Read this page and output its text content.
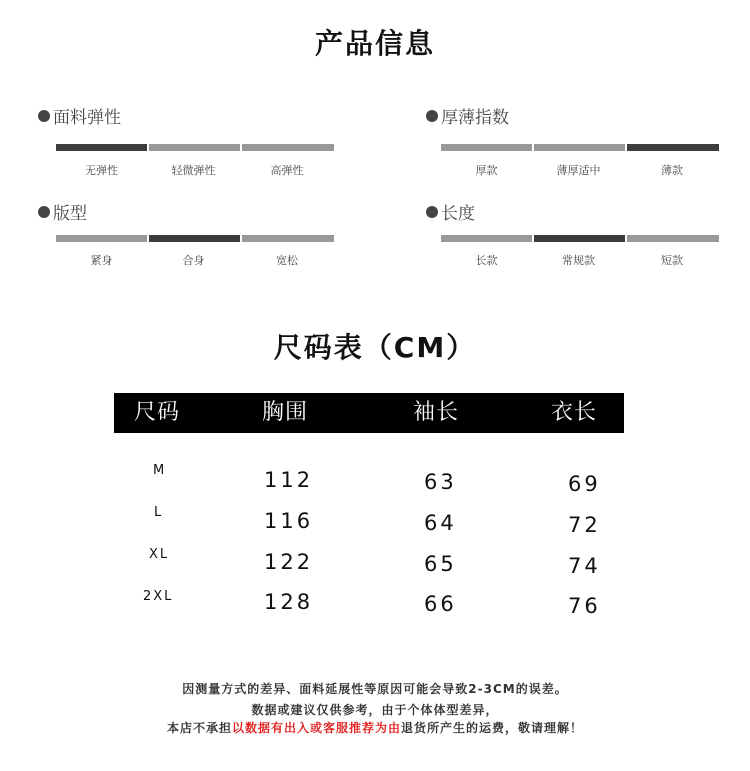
产品信息
面料弹性
无弹性	轻微弹性	高弹性
厚薄指数
厚款	薄厚适中	薄款
版型
紧身	合身	宽松
长度
长款	常规款	短款
尺码表（CM）
尺码	胸围	袖长	衣长
M	112	63	69
L	116	64	72
XL	122	65	74
2XL	128	66	76
因测量方式的差异、面料延展性等原因可能会导致2-3CM的误差。
数据或建议仅供参考，由于个体体型差异，
本店不承担以数据有出入或客服推荐为由退货所产生的运费，敬请理解！
